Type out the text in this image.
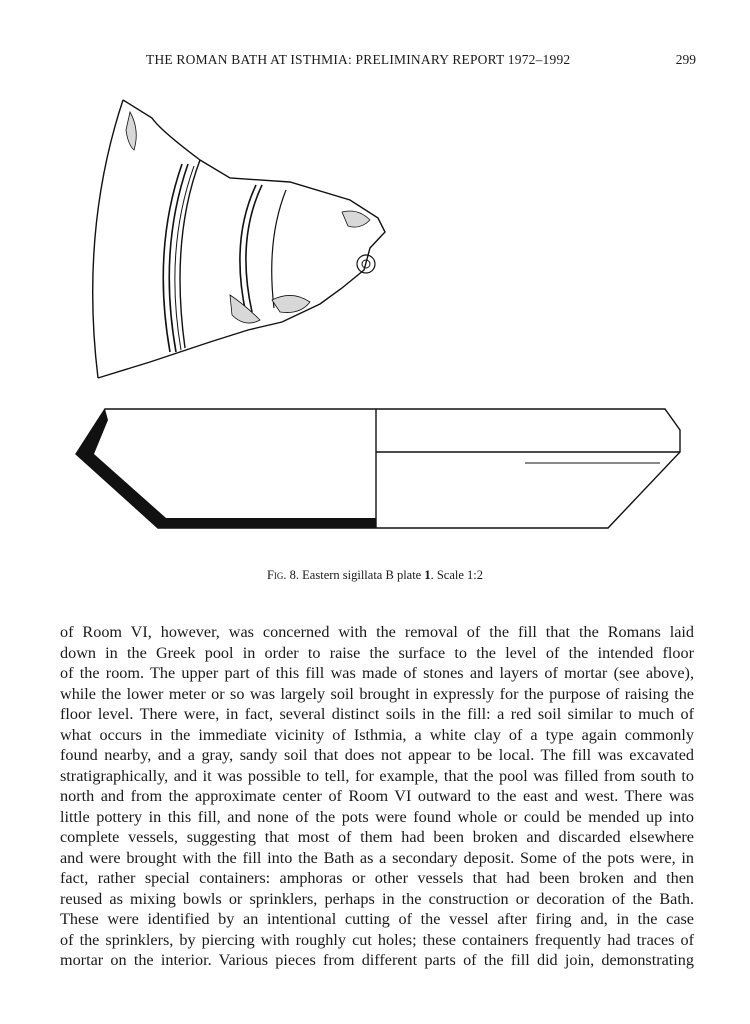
THE ROMAN BATH AT ISTHMIA: PRELIMINARY REPORT 1972–1992	299
Fig. 8. Eastern sigillata B plate 1. Scale 1:2
of Room VI, however, was concerned with the removal of the fill that the Romans laid
down in the Greek pool in order to raise the surface to the level of the intended floor
of the room. The upper part of this fill was made of stones and layers of mortar (see above),
while the lower meter or so was largely soil brought in expressly for the purpose of raising the
floor level. There were, in fact, several distinct soils in the fill: a red soil similar to much of
what occurs in the immediate vicinity of Isthmia, a white clay of a type again commonly
found nearby, and a gray, sandy soil that does not appear to be local. The fill was excavated
stratigraphically, and it was possible to tell, for example, that the pool was filled from south to
north and from the approximate center of Room VI outward to the east and west. There was
little pottery in this fill, and none of the pots were found whole or could be mended up into
complete vessels, suggesting that most of them had been broken and discarded elsewhere
and were brought with the fill into the Bath as a secondary deposit. Some of the pots were, in
fact, rather special containers: amphoras or other vessels that had been broken and then
reused as mixing bowls or sprinklers, perhaps in the construction or decoration of the Bath.
These were identified by an intentional cutting of the vessel after firing and, in the case
of the sprinklers, by piercing with roughly cut holes; these containers frequently had traces of
mortar on the interior. Various pieces from different parts of the fill did join, demonstrating
